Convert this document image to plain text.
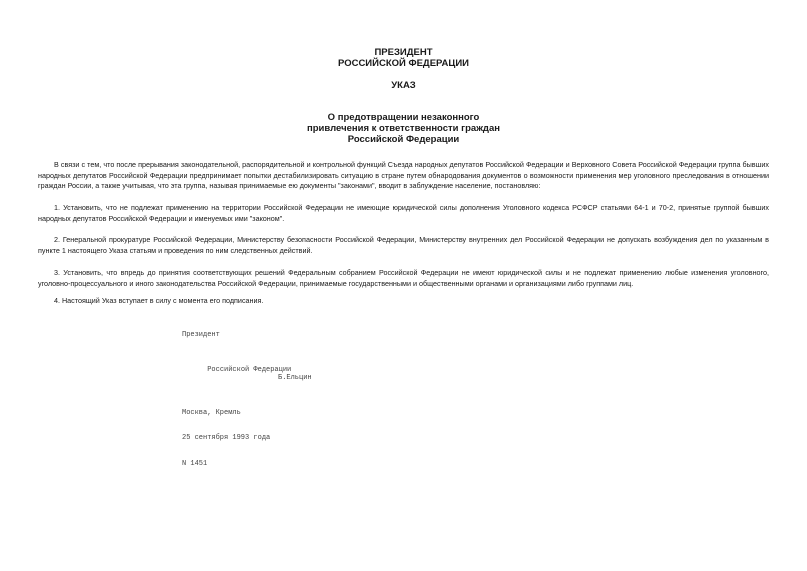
ПРЕЗИДЕНТ
РОССИЙСКОЙ ФЕДЕРАЦИИ
УКАЗ
О предотвращении незаконного
привлечения к ответственности граждан
Российской Федерации
В связи с тем, что после прерывания законодательной, распорядительной и контрольной функций Съезда народных депутатов Российской Федерации и Верховного Совета Российской Федерации группа бывших народных депутатов Российской Федерации предпринимает попытки дестабилизировать ситуацию в стране путем обнародования документов о возможности применения мер уголовного преследования в отношении граждан России, а также учитывая, что эта группа, называя принимаемые ею документы "законами", вводит в заблуждение население, постановляю:
1. Установить, что не подлежат применению на территории Российской Федерации не имеющие юридической силы дополнения Уголовного кодекса РСФСР статьями 64-1 и 70-2, принятые группой бывших народных депутатов Российской Федерации и именуемых ими "законом".
2. Генеральной прокуратуре Российской Федерации, Министерству безопасности Российской Федерации, Министерству внутренних дел Российской Федерации не допускать возбуждения дел по указанным в пункте 1 настоящего Указа статьям и проведения по ним следственных действий.
3. Установить, что впредь до принятия соответствующих решений Федеральным собранием Российской Федерации не имеют юридической силы и не подлежат применению любые изменения уголовного, уголовно-процессуального и иного законодательства Российской Федерации, принимаемые государственными и общественными органами и организациями либо группами лиц.
4. Настоящий Указ вступает в силу с момента его подписания.

Президент

Российской Федерации

Б.Ельцин

Москва, Кремль

25 сентября 1993 года

N 1451
